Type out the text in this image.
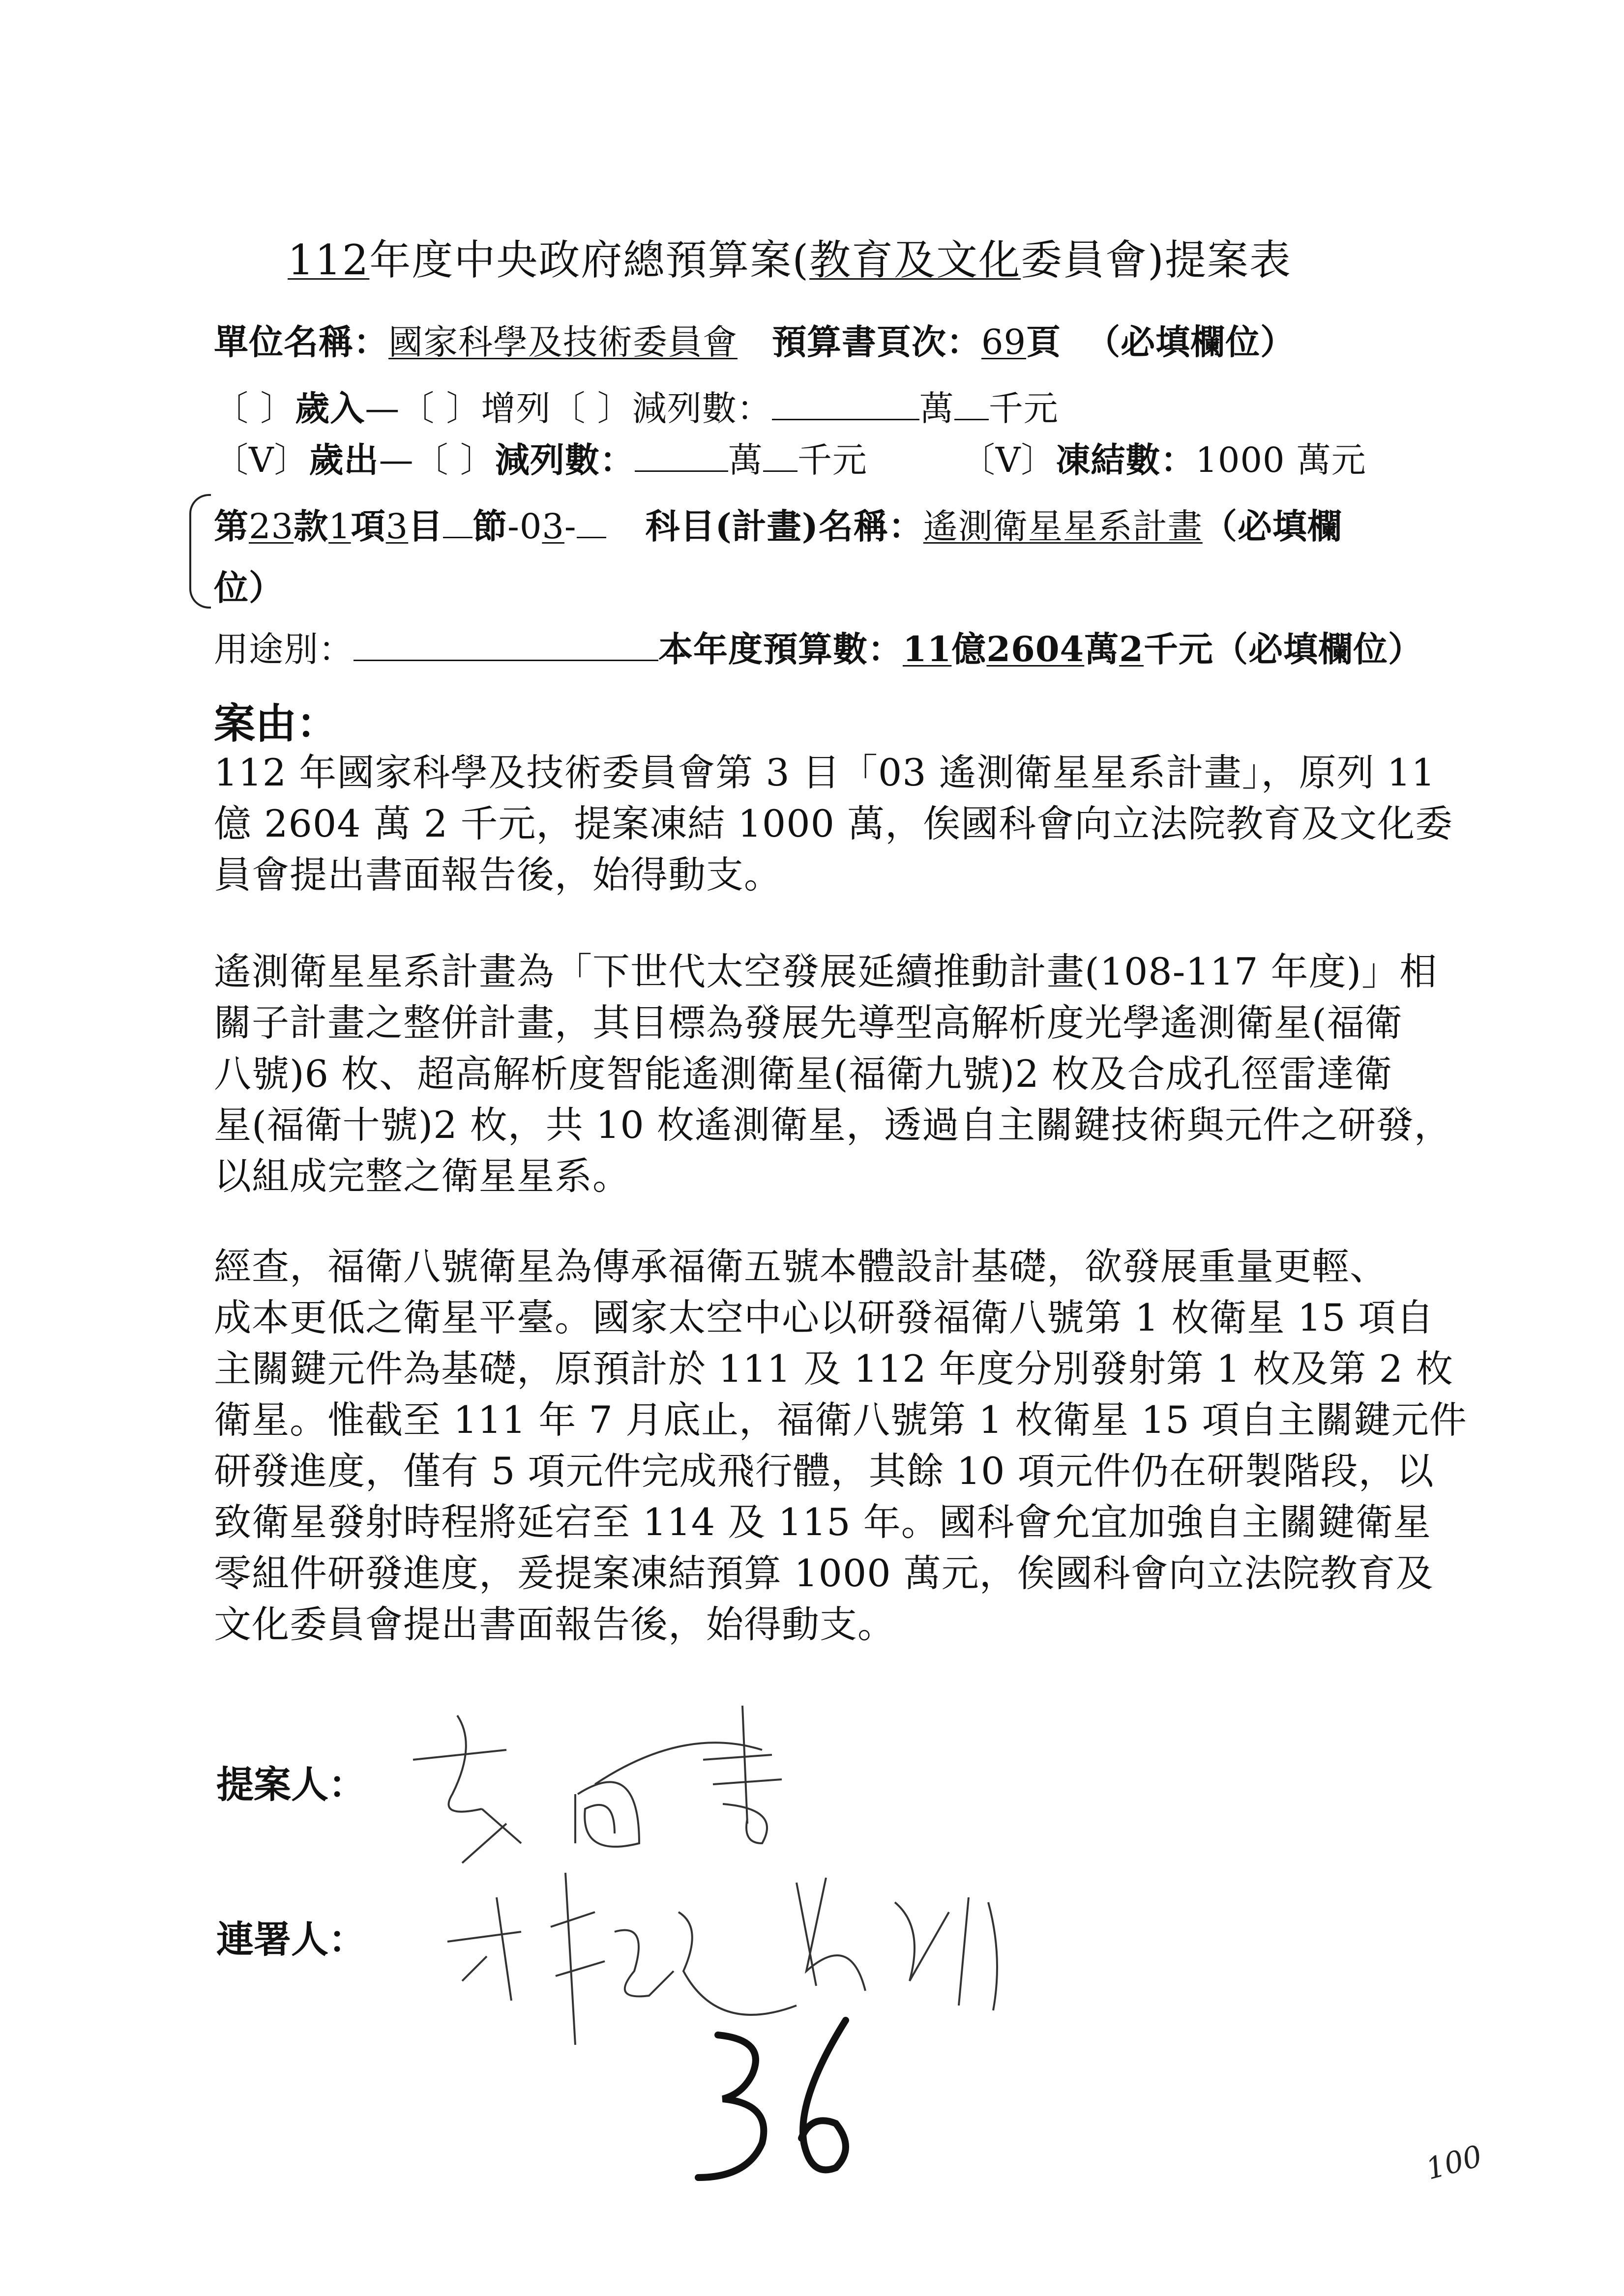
112年度中央政府總預算案(教育及文化委員會)提案表
單位名稱：國家科學及技術委員會 預算書頁次：69頁 （必填欄位）
〔 〕歲入—〔 〕增列〔 〕減列數：	萬 千元
〔V〕歲出—〔 〕減列數：	萬 千元	〔V〕凍結數：1000 萬元
第23款1項3目 節-03- 科目(計畫)名稱：遙測衛星星系計畫（必填欄
位）
用途別：	本年度預算數：11億2604萬2千元（必填欄位）
案由：
112 年國家科學及技術委員會第 3 目「03 遙測衛星星系計畫」，原列 11
億 2604 萬 2 千元，提案凍結 1000 萬，俟國科會向立法院教育及文化委
員會提出書面報告後，始得動支。
遙測衛星星系計畫為「下世代太空發展延續推動計畫(108-117 年度)」相
關子計畫之整併計畫，其目標為發展先導型高解析度光學遙測衛星(福衛
八號)6 枚、超高解析度智能遙測衛星(福衛九號)2 枚及合成孔徑雷達衛
星(福衛十號)2 枚，共 10 枚遙測衛星，透過自主關鍵技術與元件之研發，
以組成完整之衛星星系。
經查，福衛八號衛星為傳承福衛五號本體設計基礎，欲發展重量更輕、
成本更低之衛星平臺。國家太空中心以研發福衛八號第 1 枚衛星 15 項自
主關鍵元件為基礎，原預計於 111 及 112 年度分別發射第 1 枚及第 2 枚
衛星。惟截至 111 年 7 月底止，福衛八號第 1 枚衛星 15 項自主關鍵元件
研發進度，僅有 5 項元件完成飛行體，其餘 10 項元件仍在研製階段，以
致衛星發射時程將延宕至 114 及 115 年。國科會允宜加強自主關鍵衛星
零組件研發進度，爰提案凍結預算 1000 萬元，俟國科會向立法院教育及
文化委員會提出書面報告後，始得動支。
提案人：
連署人：
100
